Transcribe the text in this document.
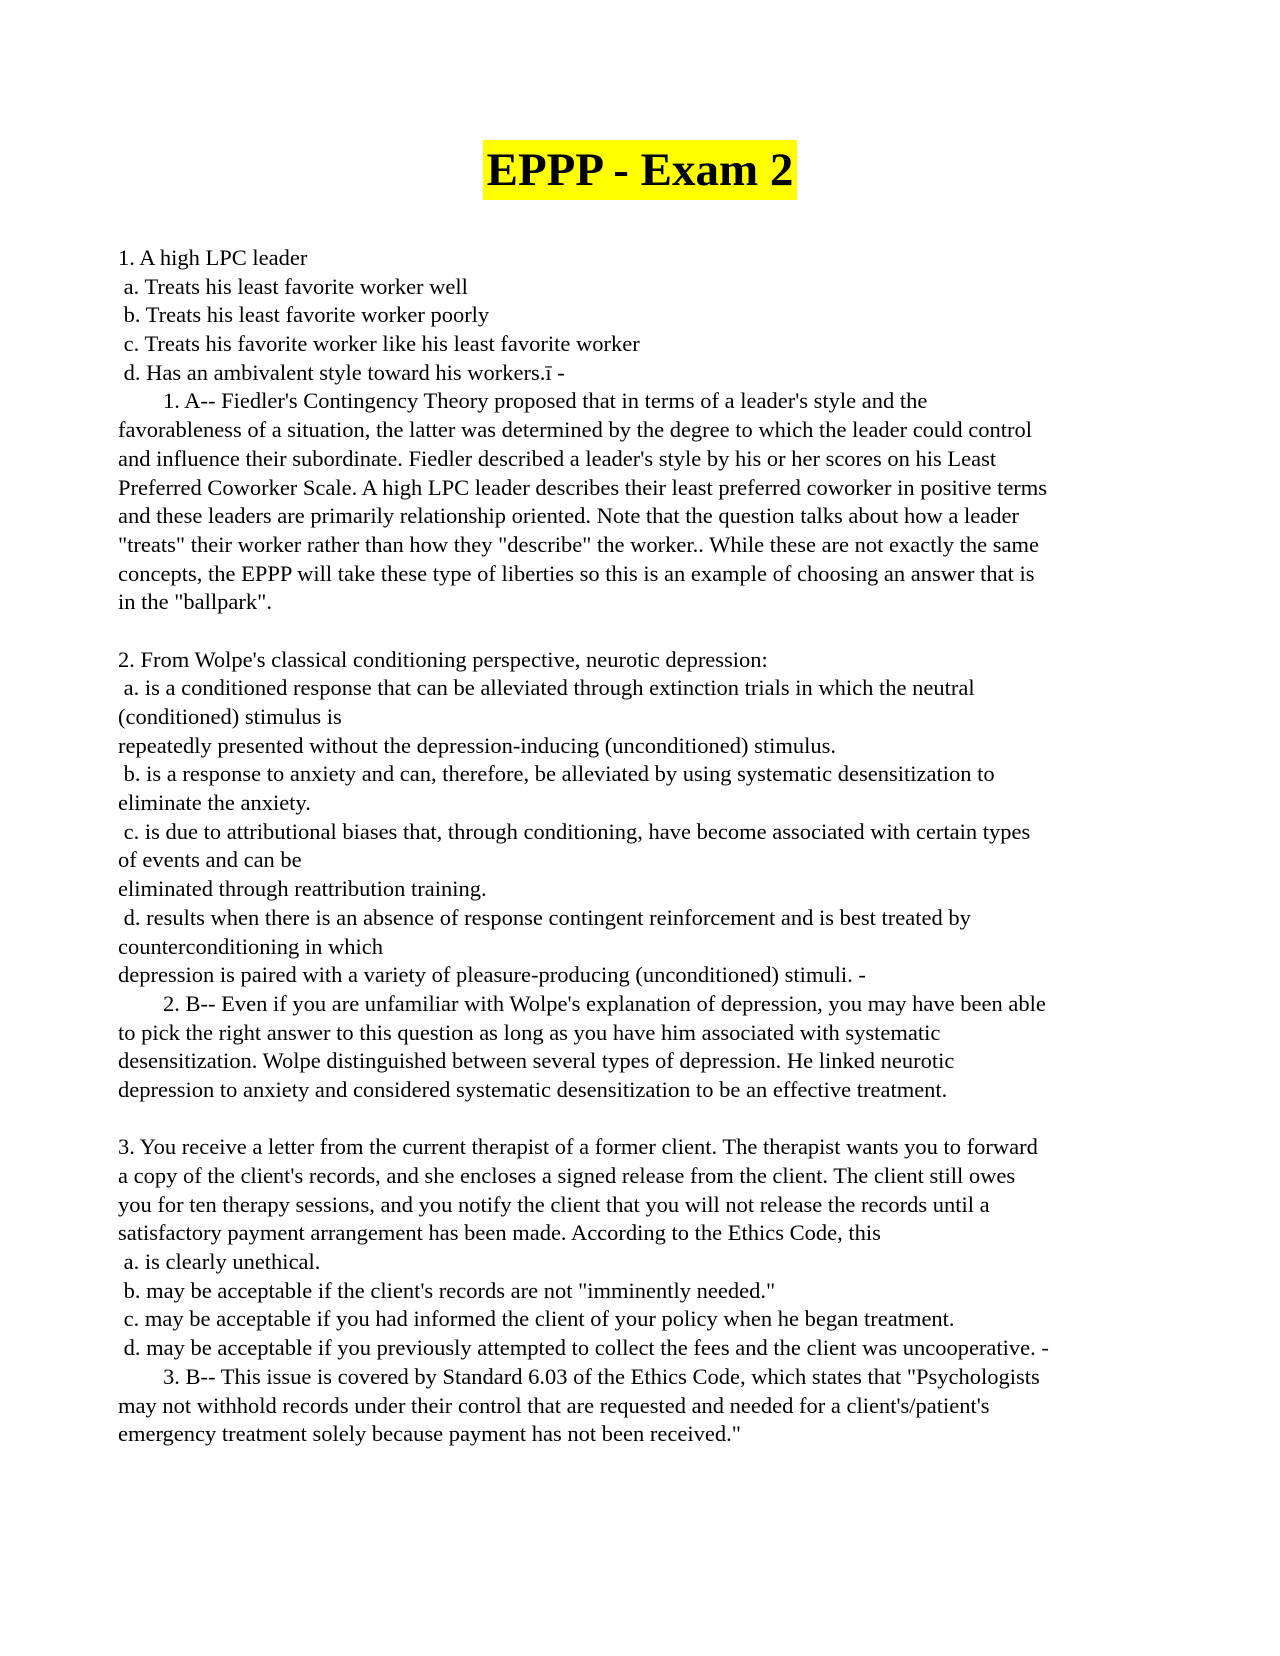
EPPP - Exam 2
1. A high LPC leader
a. Treats his least favorite worker well
b. Treats his least favorite worker poorly
c. Treats his favorite worker like his least favorite worker
d. Has an ambivalent style toward his workers.ī -
1. A-- Fiedler's Contingency Theory proposed that in terms of a leader's style and the
favorableness of a situation, the latter was determined by the degree to which the leader could control
and influence their subordinate. Fiedler described a leader's style by his or her scores on his Least
Preferred Coworker Scale. A high LPC leader describes their least preferred coworker in positive terms
and these leaders are primarily relationship oriented. Note that the question talks about how a leader
"treats" their worker rather than how they "describe" the worker.. While these are not exactly the same
concepts, the EPPP will take these type of liberties so this is an example of choosing an answer that is
in the "ballpark".
2. From Wolpe's classical conditioning perspective, neurotic depression:
a. is a conditioned response that can be alleviated through extinction trials in which the neutral
(conditioned) stimulus is
repeatedly presented without the depression-inducing (unconditioned) stimulus.
b. is a response to anxiety and can, therefore, be alleviated by using systematic desensitization to
eliminate the anxiety.
c. is due to attributional biases that, through conditioning, have become associated with certain types
of events and can be
eliminated through reattribution training.
d. results when there is an absence of response contingent reinforcement and is best treated by
counterconditioning in which
depression is paired with a variety of pleasure-producing (unconditioned) stimuli. -
2. B-- Even if you are unfamiliar with Wolpe's explanation of depression, you may have been able
to pick the right answer to this question as long as you have him associated with systematic
desensitization. Wolpe distinguished between several types of depression. He linked neurotic
depression to anxiety and considered systematic desensitization to be an effective treatment.
3. You receive a letter from the current therapist of a former client. The therapist wants you to forward
a copy of the client's records, and she encloses a signed release from the client. The client still owes
you for ten therapy sessions, and you notify the client that you will not release the records until a
satisfactory payment arrangement has been made. According to the Ethics Code, this
a. is clearly unethical.
b. may be acceptable if the client's records are not "imminently needed."
c. may be acceptable if you had informed the client of your policy when he began treatment.
d. may be acceptable if you previously attempted to collect the fees and the client was uncooperative. -
3. B-- This issue is covered by Standard 6.03 of the Ethics Code, which states that "Psychologists
may not withhold records under their control that are requested and needed for a client's/patient's
emergency treatment solely because payment has not been received."
